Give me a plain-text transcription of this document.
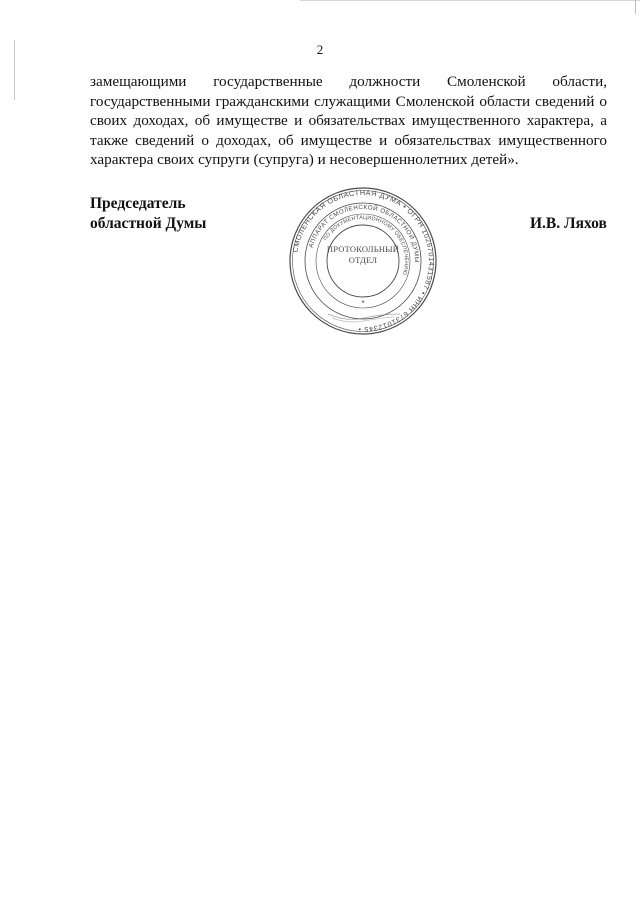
2
замещающими государственные должности Смоленской области,
государственными гражданскими служащими Смоленской области сведений о
своих доходах, об имуществе и обязательствах имущественного характера, а
также сведений о доходах, об имуществе и обязательствах имущественного
характера своих супруги (супруга) и несовершеннолетних детей».
Председатель
областной Думы
СМОЛЕНСКАЯ ОБЛАСТНАЯ ДУМА • ОГРН 1026701431587 • ИНН 6731012345 •
АППАРАТ СМОЛЕНСКОЙ ОБЛАСТНОЙ ДУМЫ
ПО ДОКУМЕНТАЦИОННОМУ ОБЕСПЕЧЕНИЮ
*
ПРОТОКОЛЬНЫЙ
ОТДЕЛ
И.В. Ляхов
